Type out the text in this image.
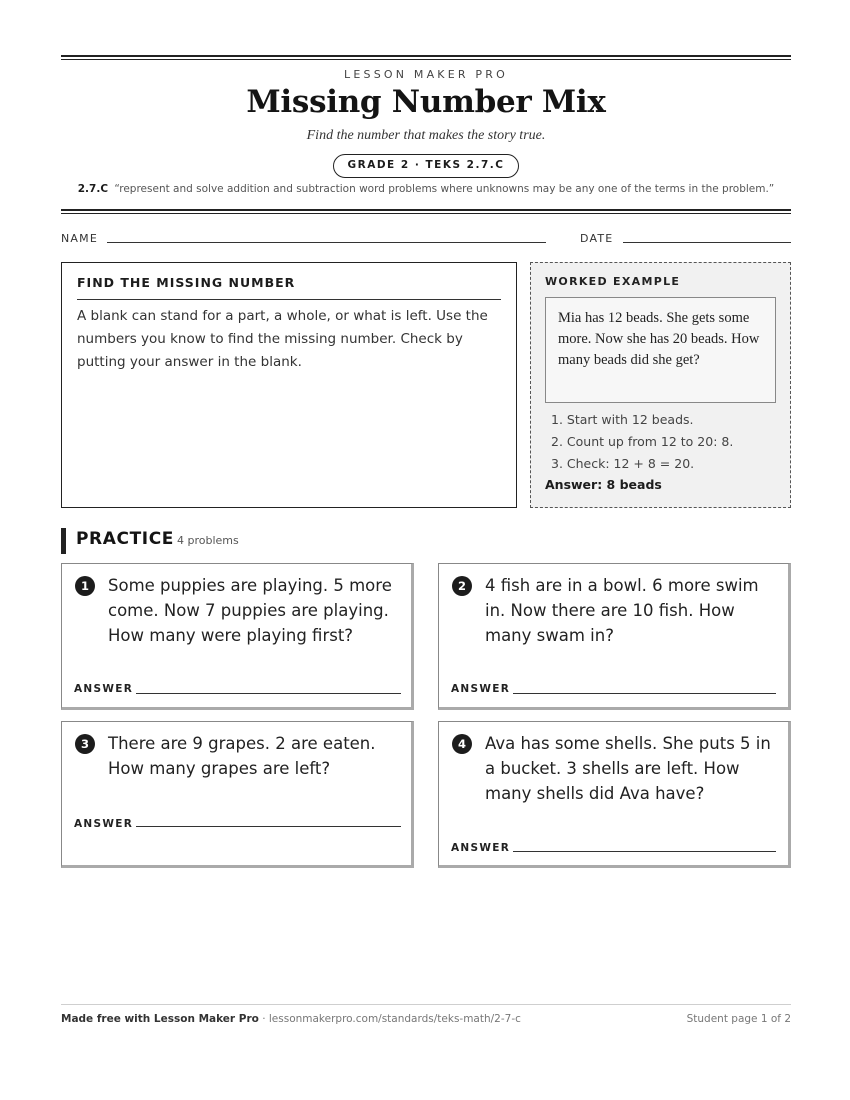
LESSON MAKER PRO
Missing Number Mix
Find the number that makes the story true.
GRADE 2 · TEKS 2.7.C
2.7.C “represent and solve addition and subtraction word problems where unknowns may be any one of the terms in the problem.”
NAME	DATE
FIND THE MISSING NUMBER

A blank can stand for a part, a whole, or what is left. Use the numbers you know to find the missing number. Check by putting your answer in the blank.

WORKED EXAMPLE
Mia has 12 beads. She gets some more. Now she has 20 beads. How many beads did she get?
1. Start with 12 beads.
2. Count up from 12 to 20: 8.
3. Check: 12 + 8 = 20.
Answer: 8 beads
PRACTICE 4 problems
1	Some puppies are playing. 5 more come. Now 7 puppies are playing. How many were playing first?
ANSWER
2	4 fish are in a bowl. 6 more swim in. Now there are 10 fish. How many swam in?
ANSWER
3	There are 9 grapes. 2 are eaten. How many grapes are left?
ANSWER
4	Ava has some shells. She puts 5 in a bucket. 3 shells are left. How many shells did Ava have?
ANSWER
Made free with Lesson Maker Pro · lessonmakerpro.com/standards/teks-math/2-7-c	Student page 1 of 2
